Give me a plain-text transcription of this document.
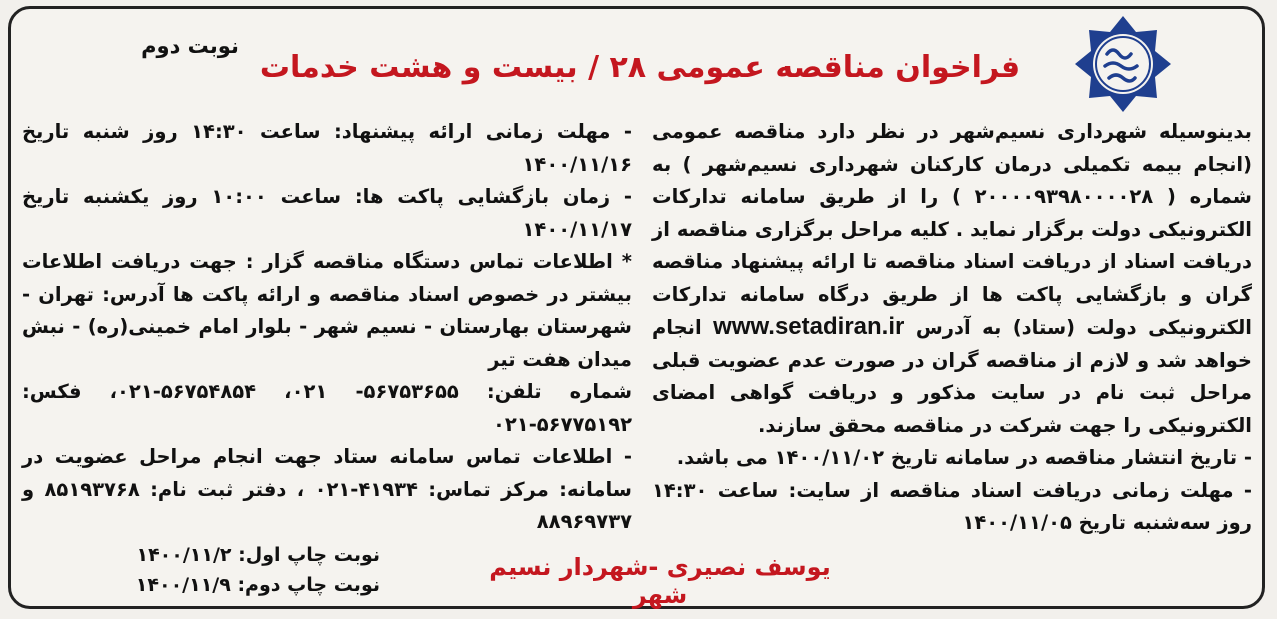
فراخوان مناقصه عمومی ۲۸ / بیست و هشت خدمات
نوبت دوم

بدینوسیله شهرداری نسیم‌شهر در نظر دارد مناقصه عمومی (انجام بیمه تکمیلی درمان کارکنان شهرداری نسیم‌شهر ) به شماره ( ۲۰۰۰۰۹۳۹۸۰۰۰۰۲۸ ) را از طریق سامانه تدارکات الکترونیکی دولت برگزار نماید . کلیه مراحل برگزاری مناقصه از دریافت اسناد از دریافت اسناد مناقصه تا ارائه پیشنهاد مناقصه گران و بازگشایی پاکت ها از طریق درگاه سامانه تدارکات الکترونیکی دولت (ستاد) به آدرس www.setadiran.ir انجام خواهد شد و لازم از مناقصه گران در صورت عدم عضویت قبلی مراحل ثبت نام در سایت مذکور و دریافت گواهی امضای الکترونیکی را جهت شرکت در مناقصه محقق سازند.

- تاریخ انتشار مناقصه در سامانه تاریخ ۱۴۰۰/۱۱/۰۲ می باشد.

- مهلت زمانی دریافت اسناد مناقصه از سایت: ساعت ۱۴:۳۰ روز سه‌شنبه تاریخ ۱۴۰۰/۱۱/۰۵

- مهلت زمانی ارائه پیشنهاد: ساعت ۱۴:۳۰ روز شنبه تاریخ ۱۴۰۰/۱۱/۱۶

- زمان بازگشایی پاکت ها: ساعت ۱۰:۰۰ روز یکشنبه تاریخ ۱۴۰۰/۱۱/۱۷

* اطلاعات تماس دستگاه مناقصه گزار : جهت دریافت اطلاعات بیشتر در خصوص اسناد مناقصه و ارائه پاکت ها آدرس: تهران - شهرستان بهارستان - نسیم شهر - بلوار امام خمینی(ره) - نبش میدان هفت تیر

شماره تلفن: ۵۶۷۵۳۶۵۵- ۰۲۱، ۵۶۷۵۴۸۵۴-۰۲۱، فکس: ۵۶۷۷۵۱۹۲-۰۲۱

- اطلاعات تماس سامانه ستاد جهت انجام مراحل عضویت در سامانه: مرکز تماس: ۴۱۹۳۴-۰۲۱ ، دفتر ثبت نام: ۸۵۱۹۳۷۶۸ و ۸۸۹۶۹۷۳۷

یوسف نصیری -شهردار نسیم شهر
نوبت چاپ اول: ۱۴۰۰/۱۱/۲
نوبت چاپ دوم: ۱۴۰۰/۱۱/۹
